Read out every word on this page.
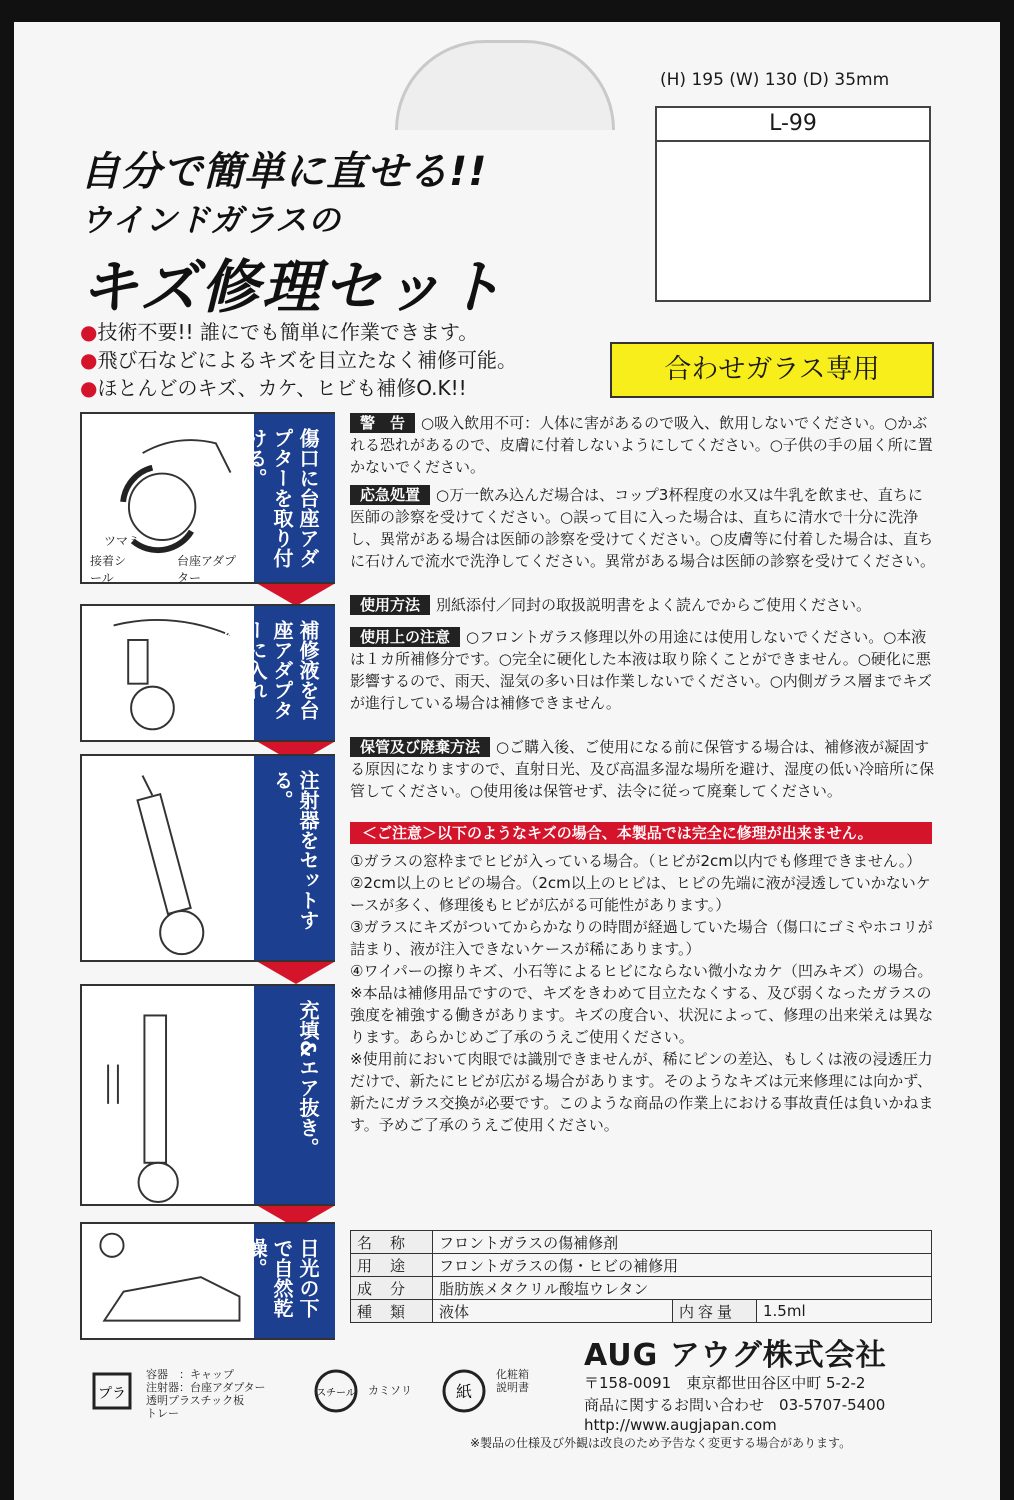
(H) 195 (W) 130 (D) 35mm
L-99
自分で簡単に直せる!!
ウインドガラスの
キズ修理セット
●技術不要!! 誰にでも簡単に作業できます。
●飛び石などによるキズを目立たなく補修可能。
●ほとんどのキズ、カケ、ヒビも補修O.K!!
合わせガラス専用
ツマミ
接着シール
台座アダプター
傷口に台座アダプターを取り付ける。
補修液を台座アダプターに入れる。
注射器をセットする。
充填&エア抜き。
日光の下で自然乾燥。
警　告 ○吸入飲用不可：人体に害があるので吸入、飲用しないでください。○かぶれる恐れがあるので、皮膚に付着しないようにしてください。○子供の手の届く所に置かないでください。
応急処置 ○万一飲み込んだ場合は、コップ3杯程度の水又は牛乳を飲ませ、直ちに医師の診察を受けてください。○誤って目に入った場合は、直ちに清水で十分に洗浄し、異常がある場合は医師の診察を受けてください。○皮膚等に付着した場合は、直ちに石けんで流水で洗浄してください。異常がある場合は医師の診察を受けてください。
使用方法 別紙添付／同封の取扱説明書をよく読んでからご使用ください。
使用上の注意 ○フロントガラス修理以外の用途には使用しないでください。○本液は１カ所補修分です。○完全に硬化した本液は取り除くことができません。○硬化に悪影響するので、雨天、湿気の多い日は作業しないでください。○内側ガラス層までキズが進行している場合は補修できません。
保管及び廃棄方法 ○ご購入後、ご使用になる前に保管する場合は、補修液が凝固する原因になりますので、直射日光、及び高温多湿な場所を避け、湿度の低い冷暗所に保管してください。○使用後は保管せず、法令に従って廃棄してください。
＜ご注意＞以下のようなキズの場合、本製品では完全に修理が出来ません。
①ガラスの窓枠までヒビが入っている場合。（ヒビが2cm以内でも修理できません。）
②2cm以上のヒビの場合。（2cm以上のヒビは、ヒビの先端に液が浸透していかないケースが多く、修理後もヒビが広がる可能性があります。）
③ガラスにキズがついてからかなりの時間が経過していた場合（傷口にゴミやホコリが詰まり、液が注入できないケースが稀にあります。）
④ワイパーの擦りキズ、小石等によるヒビにならない微小なカケ（凹みキズ）の場合。
※本品は補修用品ですので、キズをきわめて目立たなくする、及び弱くなったガラスの強度を補強する働きがあります。キズの度合い、状況によって、修理の出来栄えは異なります。あらかじめご了承のうえご使用ください。
※使用前において肉眼では識別できませんが、稀にピンの差込、もしくは液の浸透圧力だけで、新たにヒビが広がる場合があります。そのようなキズは元来修理には向かず、新たにガラス交換が必要です。このような商品の作業上における事故責任は負いかねます。予めご了承のうえご使用ください。
名称	フロントガラスの傷補修剤		
用途	フロントガラスの傷・ヒビの補修用		
成分	脂肪族メタクリル酸塩ウレタン		
種類	液体	内容量	1.5ml
AUG アウグ株式会社
〒158-0091　 東京都世田谷区中町 5-2-2
商品に関するお問い合わせ　 03-5707-5400
http://www.augjapan.com
プラ
容器　：キャップ
注射器：台座アダプター
透明プラスチック板
トレー
スチール カミソリ	紙
化粧箱
説明書
※製品の仕様及び外観は改良のため予告なく変更する場合があります。
